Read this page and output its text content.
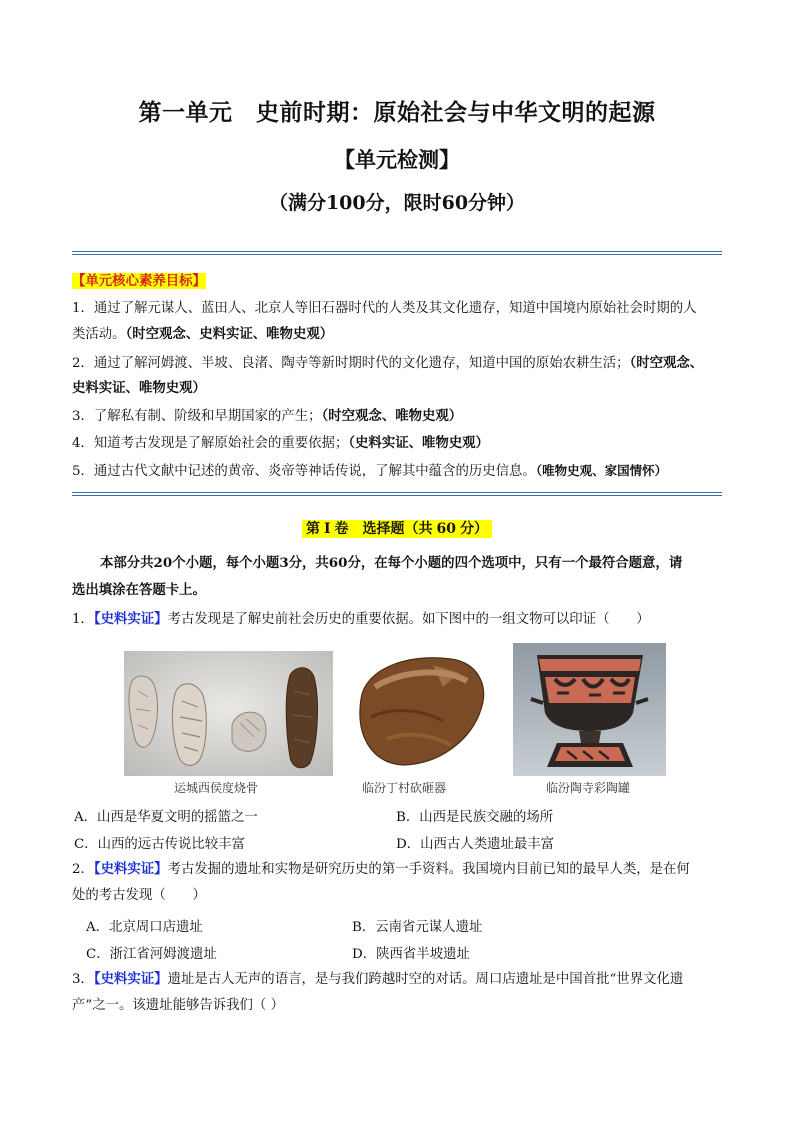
第一单元　史前时期：原始社会与中华文明的起源
【单元检测】
（满分100分，限时60分钟）
【单元核心素养目标】
1．通过了解元谋人、蓝田人、北京人等旧石器时代的人类及其文化遗存，知道中国境内原始社会时期的人
类活动。（时空观念、史料实证、唯物史观）
2．通过了解河姆渡、半坡、良渚、陶寺等新时期时代的文化遗存，知道中国的原始农耕生活；（时空观念、
史料实证、唯物史观）
3．了解私有制、阶级和早期国家的产生；（时空观念、唯物史观）
4．知道考古发现是了解原始社会的重要依据；（史料实证、唯物史观）
5．通过古代文献中记述的黄帝、炎帝等神话传说，了解其中蕴含的历史信息。（唯物史观、家国情怀）
第 Ⅰ 卷　选择题（共 60 分）
本部分共20个小题，每个小题3分，共60分，在每个小题的四个选项中，只有一个最符合题意，请
选出填涂在答题卡上。
1．【史料实证】考古发现是了解史前社会历史的重要依据。如下图中的一组文物可以印证（　　）
运城西侯度烧骨	临汾丁村砍砸器	临汾陶寺彩陶罐
A．山西是华夏文明的摇篮之一	B．山西是民族交融的场所
C．山西的远古传说比较丰富	D．山西古人类遗址最丰富
2．【史料实证】考古发掘的遗址和实物是研究历史的第一手资料。我国境内目前已知的最早人类，是在何
处的考古发现（　　）
A．北京周口店遗址	B．云南省元谋人遗址
C．浙江省河姆渡遗址	D．陕西省半坡遗址
3．【史料实证】遗址是古人无声的语言，是与我们跨越时空的对话。周口店遗址是中国首批“世界文化遗
产”之一。该遗址能够告诉我们（ ）
